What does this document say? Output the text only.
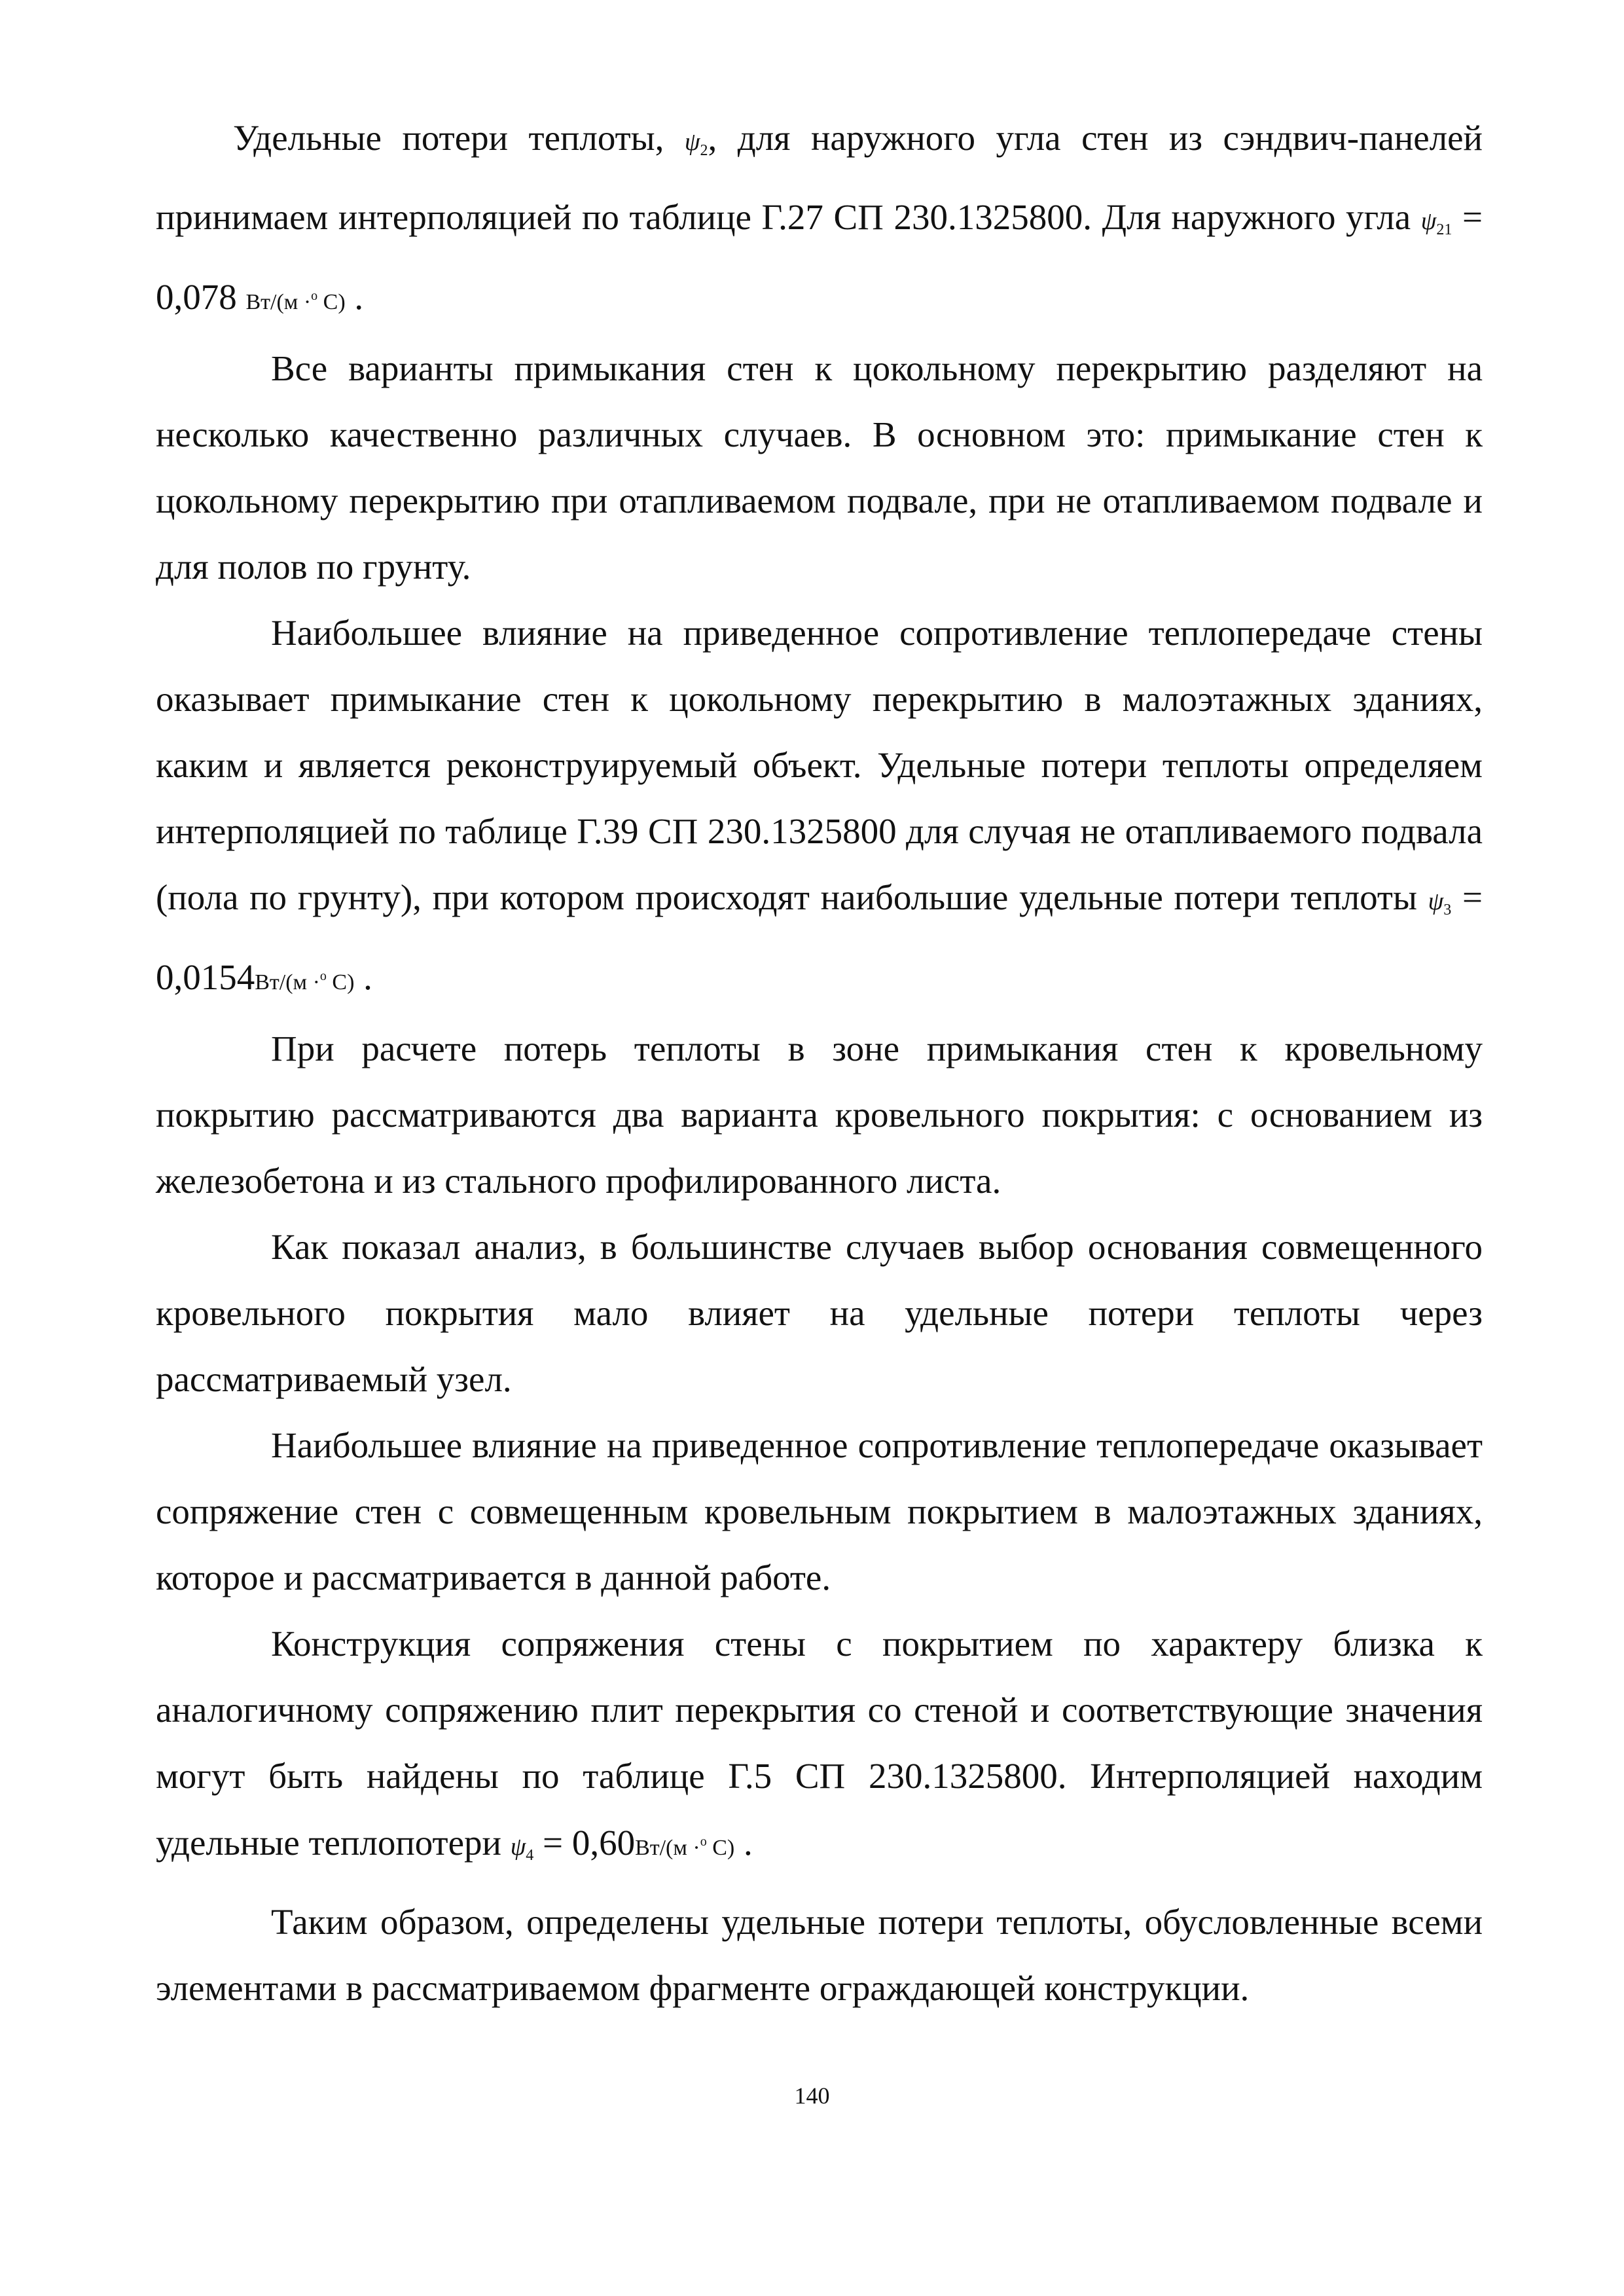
Удельные потери теплоты, $\psi_2$, для наружного угла стен из сэндвич-панелей принимаем интерполяцией по таблице Г.27 СП 230.1325800. Для наружного угла $\psi_{21} = 0,078$ Вт/(м ·$^о$ С) .

Все варианты примыкания стен к цокольному перекрытию разделяют на несколько качественно различных случаев. В основном это: примыкание стен к цокольному перекрытию при отапливаемом подвале, при не отапливаемом подвале и для полов по грунту.

Наибольшее влияние на приведенное сопротивление теплопередаче стены оказывает примыкание стен к цокольному перекрытию в малоэтажных зданиях, каким и является реконструируемый объект. Удельные потери теплоты определяем интерполяцией по таблице Г.39 СП 230.1325800 для случая не отапливаемого подвала (пола по грунту), при котором происходят наибольшие удельные потери теплоты $\psi_3 = 0,0154Вт/(м \cdot^о$ С) .

При расчете потерь теплоты в зоне примыкания стен к кровельному покрытию рассматриваются два варианта кровельного покрытия: с основанием из железобетона и из стального профилированного листа.

Как показал анализ, в большинстве случаев выбор основания совмещенного кровельного покрытия мало влияет на удельные потери теплоты через рассматриваемый узел.

Наибольшее влияние на приведенное сопротивление теплопередаче оказывает сопряжение стен с совмещенным кровельным покрытием в малоэтажных зданиях, которое и рассматривается в данной работе.

Конструкция сопряжения стены с покрытием по характеру близка к аналогичному сопряжению плит перекрытия со стеной и соответствующие значения могут быть найдены по таблице Г.5 СП 230.1325800. Интерполяцией находим удельные теплопотери $\psi_4 = 0,60Вт/(м \cdot^о$ С) .

Таким образом, определены удельные потери теплоты, обусловленные всеми элементами в рассматриваемом фрагменте ограждающей конструкции.

140
